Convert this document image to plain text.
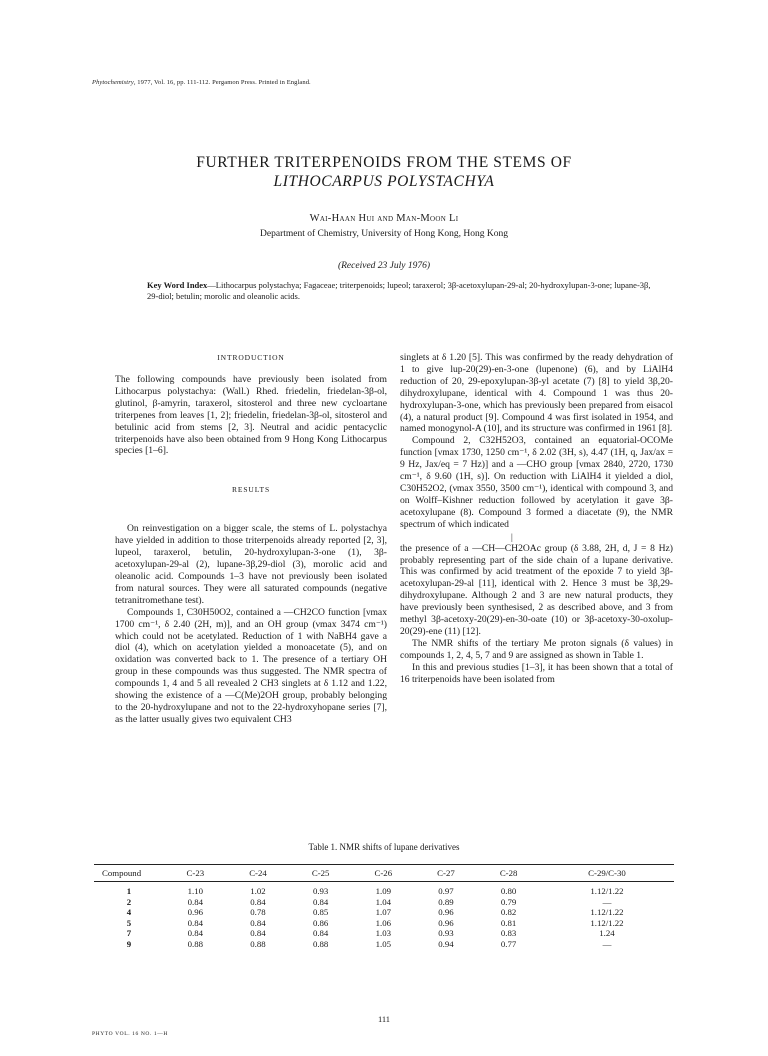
Phytochemistry, 1977, Vol. 16, pp. 111-112. Pergamon Press. Printed in England.
FURTHER TRITERPENOIDS FROM THE STEMS OF
LITHOCARPUS POLYSTACHYA
Wai-Haan Hui and Man-Moon Li
Department of Chemistry, University of Hong Kong, Hong Kong
(Received 23 July 1976)
Key Word Index—Lithocarpus polystachya; Fagaceae; triterpenoids; lupeol; taraxerol; 3β-acetoxylupan-29-al; 20-hydroxylupan-3-one; lupane-3β, 29-diol; betulin; morolic and oleanolic acids.
INTRODUCTION

The following compounds have previously been isolated from Lithocarpus polystachya: (Wall.) Rhed. friedelin, friedelan-3β-ol, glutinol, β-amyrin, taraxerol, sitosterol and three new cycloartane triterpenes from leaves [1, 2]; friedelin, friedelan-3β-ol, sitosterol and betulinic acid from stems [2, 3]. Neutral and acidic pentacyclic triterpenoids have also been obtained from 9 Hong Kong Lithocarpus species [1–6].

RESULTS

On reinvestigation on a bigger scale, the stems of L. polystachya have yielded in addition to those triterpenoids already reported [2, 3], lupeol, taraxerol, betulin, 20-hydroxylupan-3-one (1), 3β-acetoxylupan-29-al (2), lupane-3β,29-diol (3), morolic acid and oleanolic acid. Compounds 1–3 have not previously been isolated from natural sources. They were all saturated compounds (negative tetranitromethane test).

Compounds 1, C30H50O2, contained a —CH2CO function [νmax 1700 cm⁻¹, δ 2.40 (2H, m)], and an OH group (νmax 3474 cm⁻¹) which could not be acetylated. Reduction of 1 with NaBH4 gave a diol (4), which on acetylation yielded a monoacetate (5), and on oxidation was converted back to 1. The presence of a tertiary OH group in these compounds was thus suggested. The NMR spectra of compounds 1, 4 and 5 all revealed 2 CH3 singlets at δ 1.12 and 1.22, showing the existence of a —C(Me)2OH group, probably belonging to the 20-hydroxylupane and not to the 22-hydroxyhopane series [7], as the latter usually gives two equivalent CH3

singlets at δ 1.20 [5]. This was confirmed by the ready dehydration of 1 to give lup-20(29)-en-3-one (lupenone) (6), and by LiAlH4 reduction of 20, 29-epoxylupan-3β-yl acetate (7) [8] to yield 3β,20-dihydroxylupane, identical with 4. Compound 1 was thus 20-hydroxylupan-3-one, which has previously been prepared from eisacol (4), a natural product [9]. Compound 4 was first isolated in 1954, and named monogynol-A (10], and its structure was confirmed in 1961 [8].

Compound 2, C32H52O3, contained an equatorial-OCOMe function [νmax 1730, 1250 cm⁻¹, δ 2.02 (3H, s), 4.47 (1H, q, Jax/ax = 9 Hz, Jax/eq = 7 Hz)] and a —CHO group [νmax 2840, 2720, 1730 cm⁻¹, δ 9.60 (1H, s)]. On reduction with LiAlH4 it yielded a diol, C30H52O2, (νmax 3550, 3500 cm⁻¹), identical with compound 3, and on Wolff–Kishner reduction followed by acetylation it gave 3β-acetoxylupane (8). Compound 3 formed a diacetate (9), the NMR spectrum of which indicated

|

the presence of a —CH—CH2OAc group (δ 3.88, 2H, d, J = 8 Hz) probably representing part of the side chain of a lupane derivative. This was confirmed by acid treatment of the epoxide 7 to yield 3β-acetoxylupan-29-al [11], identical with 2. Hence 3 must be 3β,29-dihydroxylupane. Although 2 and 3 are new natural products, they have previously been synthesised, 2 as described above, and 3 from methyl 3β-acetoxy-20(29)-en-30-oate (10) or 3β-acetoxy-30-oxolup-20(29)-ene (11) [12].

The NMR shifts of the tertiary Me proton signals (δ values) in compounds 1, 2, 4, 5, 7 and 9 are assigned as shown in Table 1.

In this and previous studies [1–3], it has been shown that a total of 16 triterpenoids have been isolated from

Table 1. NMR shifts of lupane derivatives
Compound	C-23	C-24	C-25	C-26	C-27	C-28	C-29/C-30
1	1.10	1.02	0.93	1.09	0.97	0.80	1.12/1.22
2	0.84	0.84	0.84	1.04	0.89	0.79	—
4	0.96	0.78	0.85	1.07	0.96	0.82	1.12/1.22
5	0.84	0.84	0.86	1.06	0.96	0.81	1.12/1.22
7	0.84	0.84	0.84	1.03	0.93	0.83	1.24
9	0.88	0.88	0.88	1.05	0.94	0.77	—
111
PHYTO VOL. 16 NO. 1—H
